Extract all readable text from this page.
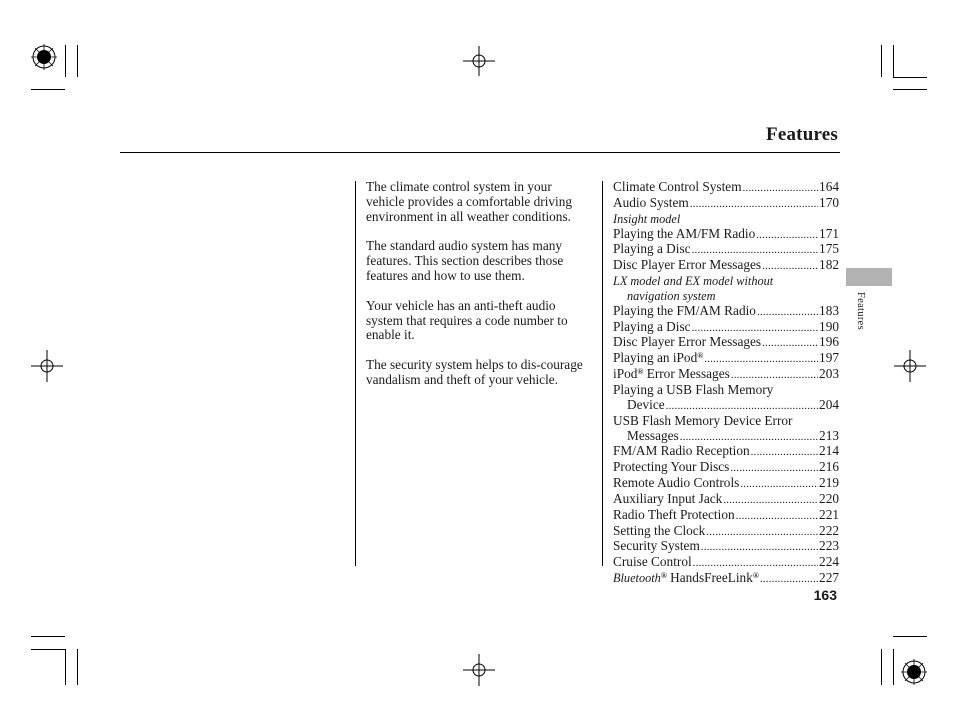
Features

The climate control system in your vehicle provides a comfortable driving environment in all weather conditions.

The standard audio system has many features. This section describes those features and how to use them.

Your vehicle has an anti-theft audio system that requires a code number to enable it.

The security system helps to dis-courage vandalism and theft of your vehicle.

Climate Control System .....	164
Audio System .....	170
Insight model
Playing the AM/FM Radio .....	171
Playing a Disc .....	175
Disc Player Error Messages .....	182
LX model and EX model without
navigation system
Playing the FM/AM Radio .....	183
Playing a Disc .....	190
Disc Player Error Messages .....	196
Playing an iPod® .....	197
iPod® Error Messages .....	203
Playing a USB Flash Memory
Device .....	204
USB Flash Memory Device Error
Messages .....	213
FM/AM Radio Reception .....	214
Protecting Your Discs .....	216
Remote Audio Controls .....	219
Auxiliary Input Jack .....	220
Radio Theft Protection .....	221
Setting the Clock .....	222
Security System .....	223
Cruise Control .....	224
Bluetooth® HandsFreeLink® .....	227
Features
163
